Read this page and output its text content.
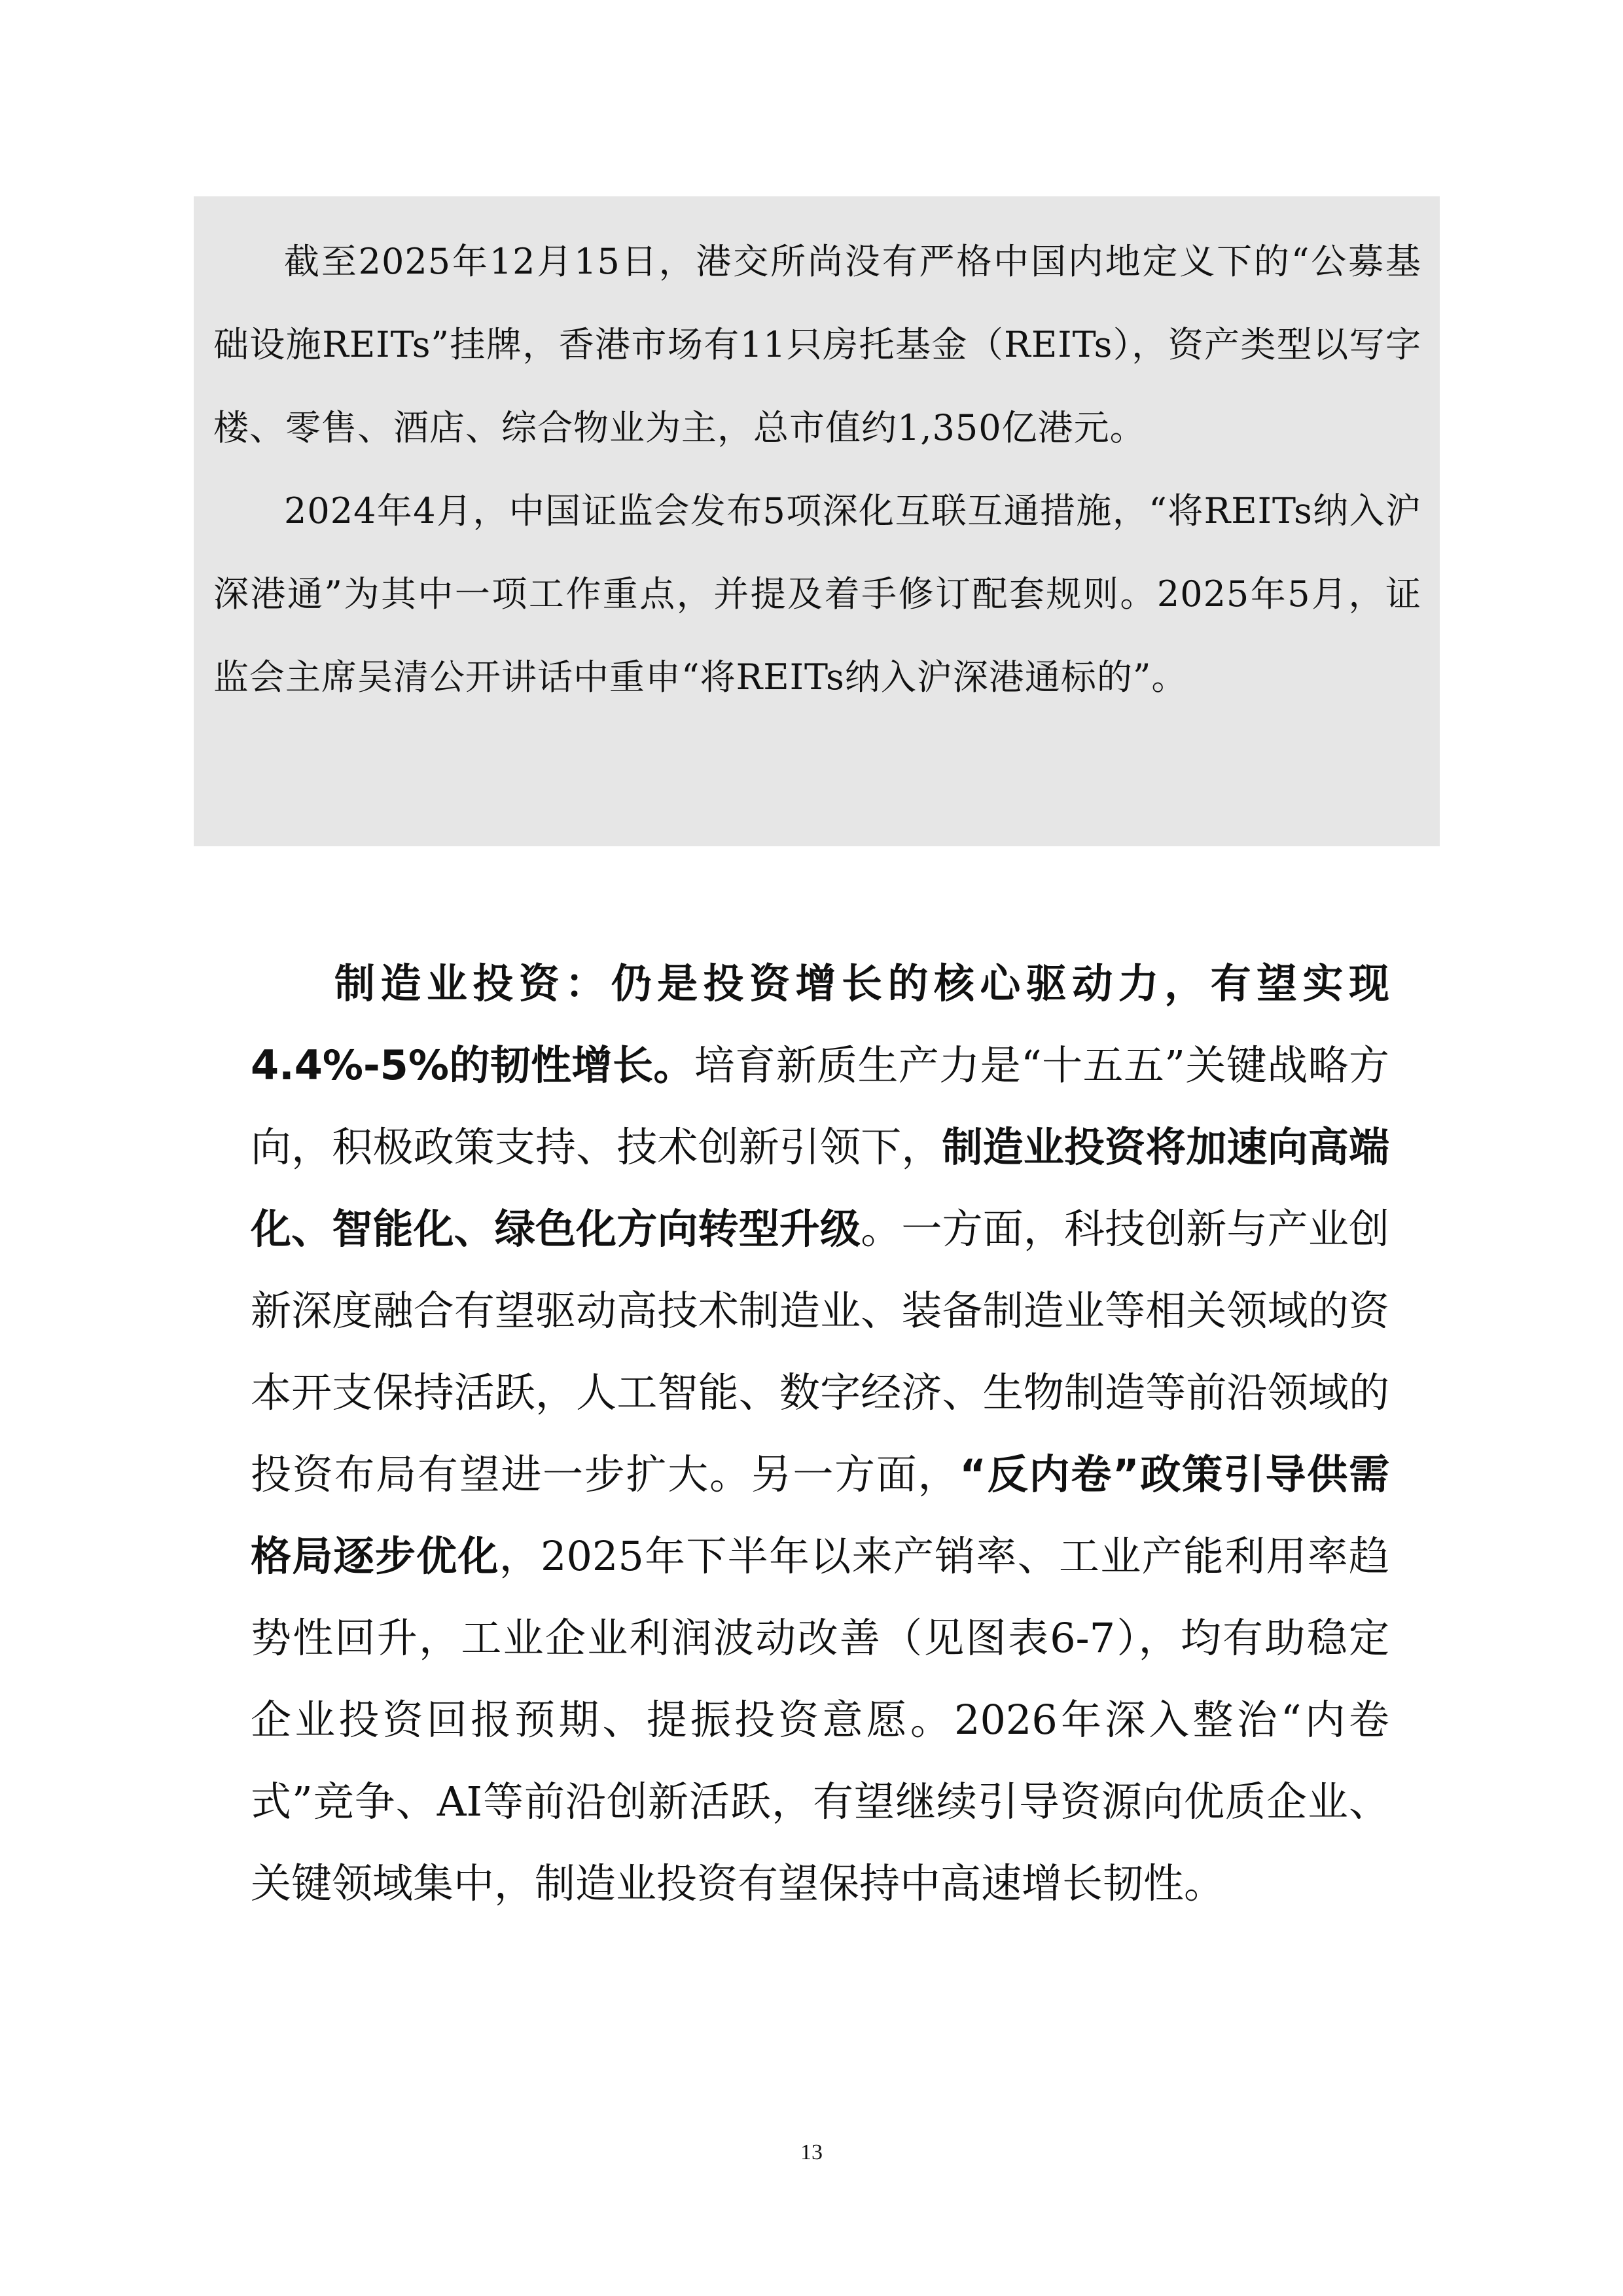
截至2025年12月15日，港交所尚没有严格中国内地定义下的“公募基础设施REITs”挂牌，香港市场有11只房托基金（REITs），资产类型以写字楼、零售、酒店、综合物业为主，总市值约1,350亿港元。

2024年4月，中国证监会发布5项深化互联互通措施，“将REITs纳入沪深港通”为其中一项工作重点，并提及着手修订配套规则。2025年5月，证监会主席吴清公开讲话中重申“将REITs纳入沪深港通标的”。

制造业投资：仍是投资增长的核心驱动力，有望实现4.4%-5%的韧性增长。培育新质生产力是“十五五”关键战略方向，积极政策支持、技术创新引领下，制造业投资将加速向高端化、智能化、绿色化方向转型升级。一方面，科技创新与产业创新深度融合有望驱动高技术制造业、装备制造业等相关领域的资本开支保持活跃，人工智能、数字经济、生物制造等前沿领域的投资布局有望进一步扩大。另一方面，“反内卷”政策引导供需格局逐步优化，2025年下半年以来产销率、工业产能利用率趋势性回升，工业企业利润波动改善（见图表6-7），均有助稳定企业投资回报预期、提振投资意愿。2026年深入整治“内卷式”竞争、AI等前沿创新活跃，有望继续引导资源向优质企业、关键领域集中，制造业投资有望保持中高速增长韧性。

13
